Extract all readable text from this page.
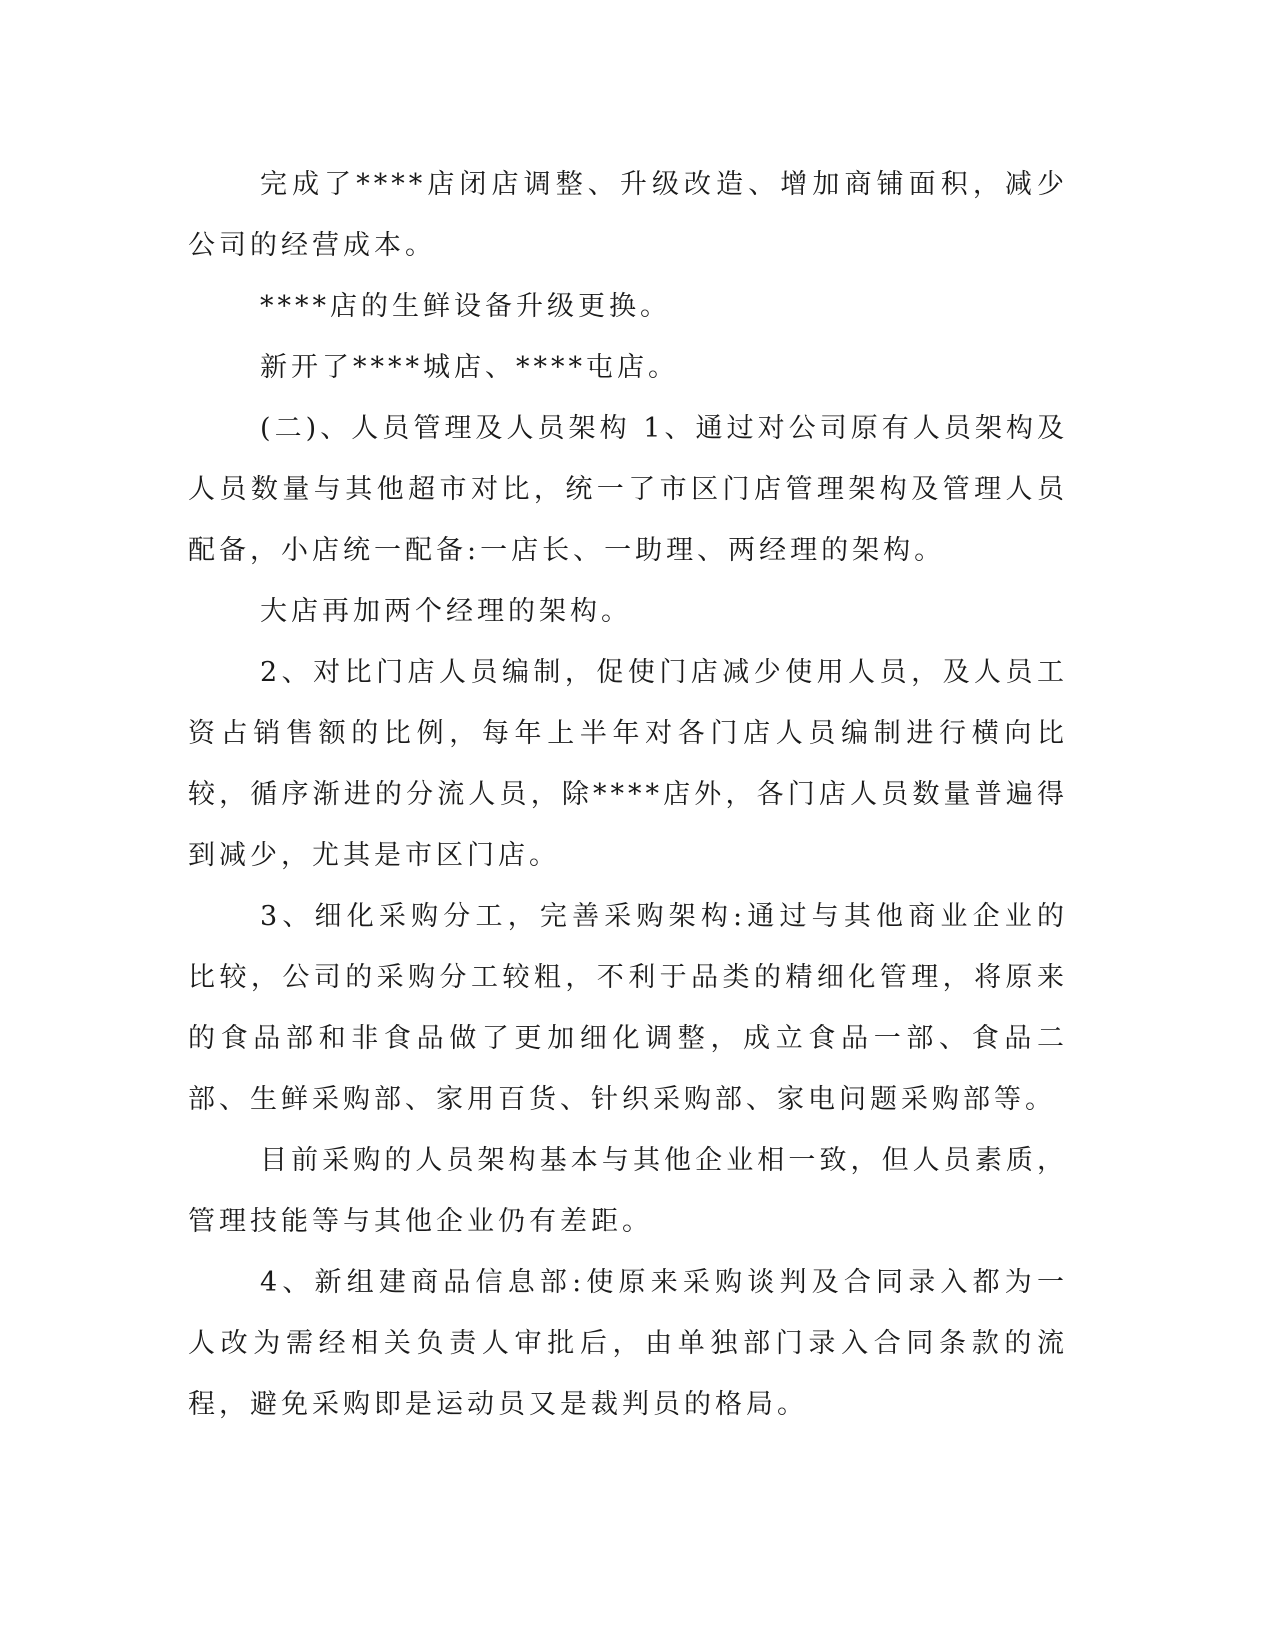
完成了****店闭店调整、升级改造、增加商铺面积，减少公司的经营成本。

****店的生鲜设备升级更换。

新开了****城店、****屯店。

(二)、人员管理及人员架构 1、通过对公司原有人员架构及人员数量与其他超市对比，统一了市区门店管理架构及管理人员配备，小店统一配备:一店长、一助理、两经理的架构。

大店再加两个经理的架构。

2、对比门店人员编制，促使门店减少使用人员，及人员工资占销售额的比例，每年上半年对各门店人员编制进行横向比较，循序渐进的分流人员，除****店外，各门店人员数量普遍得到减少，尤其是市区门店。

3、细化采购分工，完善采购架构:通过与其他商业企业的比较，公司的采购分工较粗，不利于品类的精细化管理，将原来的食品部和非食品做了更加细化调整，成立食品一部、食品二部、生鲜采购部、家用百货、针织采购部、家电问题采购部等。

目前采购的人员架构基本与其他企业相一致，但人员素质，管理技能等与其他企业仍有差距。

4、新组建商品信息部:使原来采购谈判及合同录入都为一人改为需经相关负责人审批后，由单独部门录入合同条款的流程，避免采购即是运动员又是裁判员的格局。
